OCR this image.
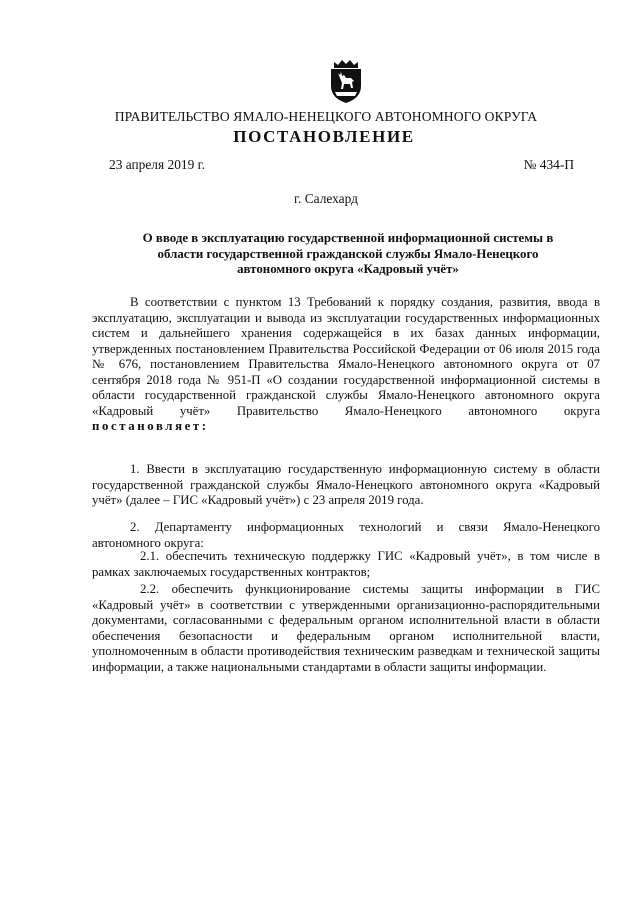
ПРАВИТЕЛЬСТВО ЯМАЛО-НЕНЕЦКОГО АВТОНОМНОГО ОКРУГА
ПОСТАНОВЛЕНИЕ
23 апреля 2019 г.	№ 434-П
г. Салехард
О вводе в эксплуатацию государственной информационной системы в области государственной гражданской службы Ямало-Ненецкого автономного округа «Кадровый учёт»

В соответствии с пунктом 13 Требований к порядку создания, развития, ввода в эксплуатацию, эксплуатации и вывода из эксплуатации государственных информационных систем и дальнейшего хранения содержащейся в их базах данных информации, утвержденных постановлением Правительства Российской Федерации от 06 июля 2015 года № 676, постановлением Правительства Ямало-Ненецкого автономного округа от 07 сентября 2018 года № 951-П «О создании государственной информационной системы в области государственной гражданской службы Ямало-Ненецкого автономного округа «Кадровый учёт» Правительство Ямало-Ненецкого автономного округа постановляет:

1. Ввести в эксплуатацию государственную информационную систему в области государственной гражданской службы Ямало-Ненецкого автономного округа «Кадровый учёт» (далее – ГИС «Кадровый учёт») с 23 апреля 2019 года.

2. Департаменту информационных технологий и связи Ямало-Ненецкого автономного округа:

2.1. обеспечить техническую поддержку ГИС «Кадровый учёт», в том числе в рамках заключаемых государственных контрактов;

2.2. обеспечить функционирование системы защиты информации в ГИС «Кадровый учёт» в соответствии с утвержденными организационно-распорядительными документами, согласованными с федеральным органом исполнительной власти в области обеспечения безопасности и федеральным органом исполнительной власти, уполномоченным в области противодействия техническим разведкам и технической защиты информации, а также национальными стандартами в области защиты информации.
